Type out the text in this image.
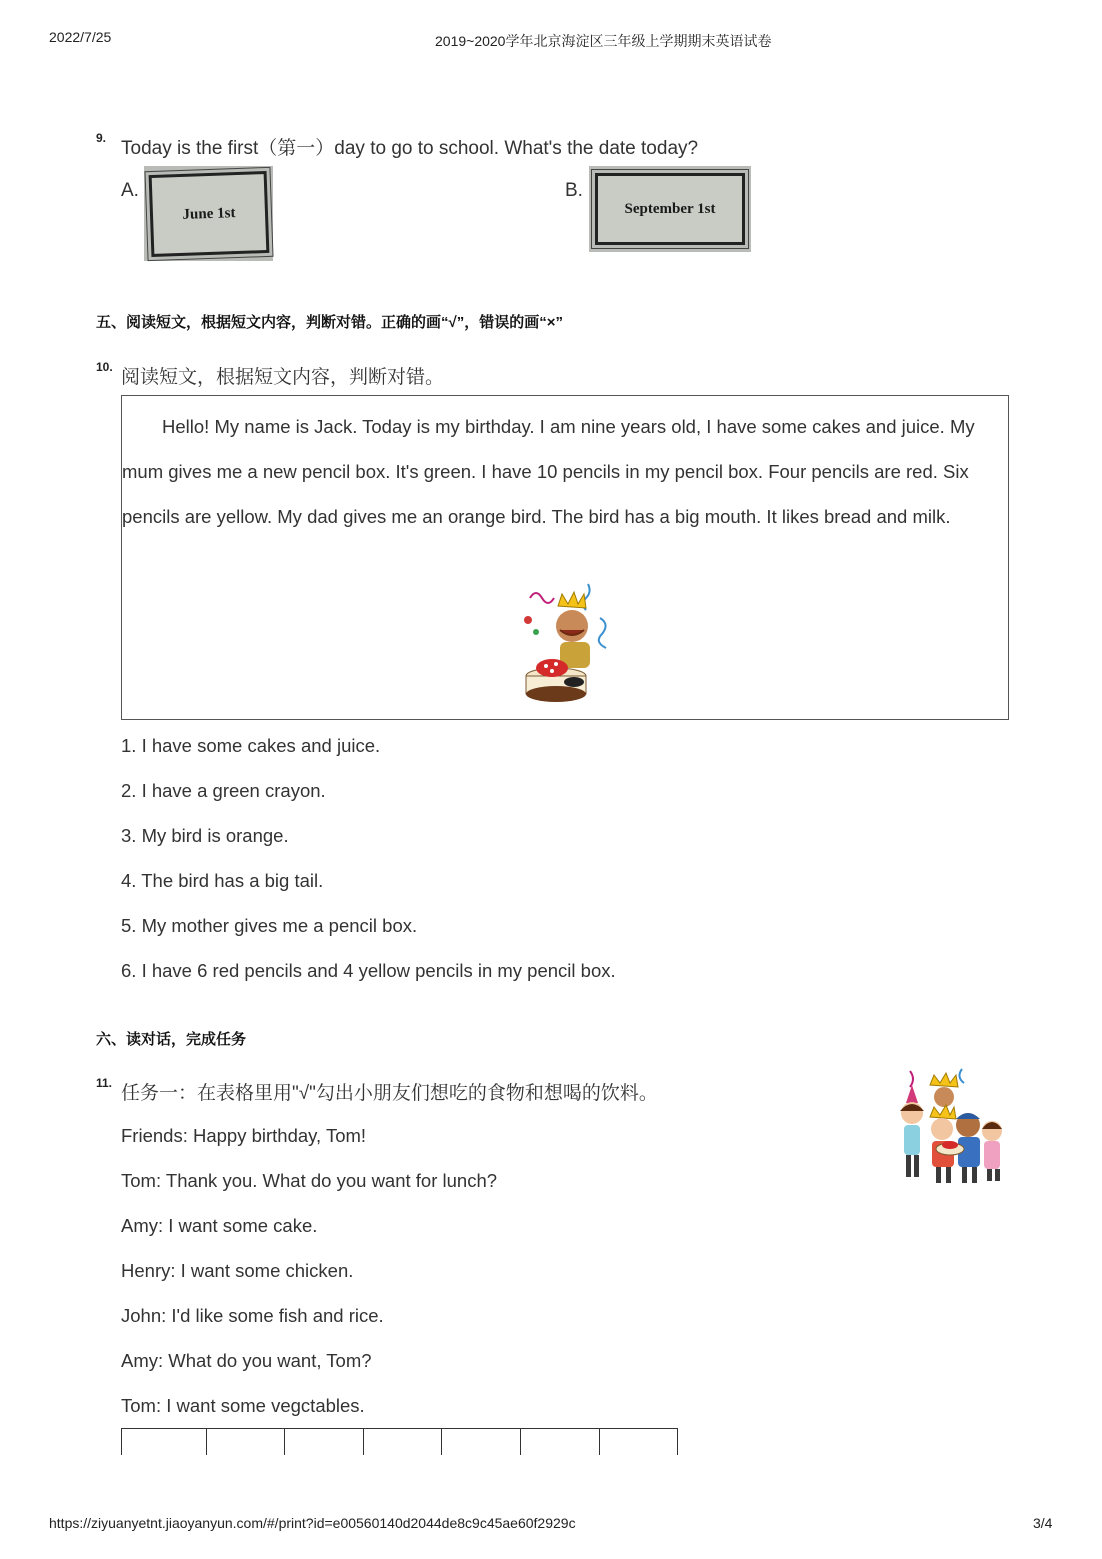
2022/7/25	2019~2020学年北京海淀区三年级上学期期末英语试卷
9. Today is the first（第一）day to go to school. What's the date today?
A.
June 1st
B.
September 1st
五、阅读短文，根据短文内容，判断对错。正确的画“√”，错误的画“×”
10. 阅读短文，根据短文内容，判断对错。

Hello! My name is Jack. Today is my birthday. I am nine years old, I have some cakes and juice. My mum gives me a new pencil box. It's green. I have 10 pencils in my pencil box. Four pencils are red. Six pencils are yellow. My dad gives me an orange bird. The bird has a big mouth. It likes bread and milk.

1. I have some cakes and juice.
2. I have a green crayon.
3. My bird is orange.
4. The bird has a big tail.
5. My mother gives me a pencil box.
6. I have 6 red pencils and 4 yellow pencils in my pencil box.
六、读对话，完成任务
11. 任务一：在表格里用"√"勾出小朋友们想吃的食物和想喝的饮料。
Friends: Happy birthday, Tom!
Tom: Thank you. What do you want for lunch?
Amy: I want some cake.
Henry: I want some chicken.
John: I'd like some fish and rice.
Amy: What do you want, Tom?
Tom: I want some vegctables.

https://ziyuanyetnt.jiaoyanyun.com/#/print?id=e00560140d2044de8c9c45ae60f2929c	3/4
